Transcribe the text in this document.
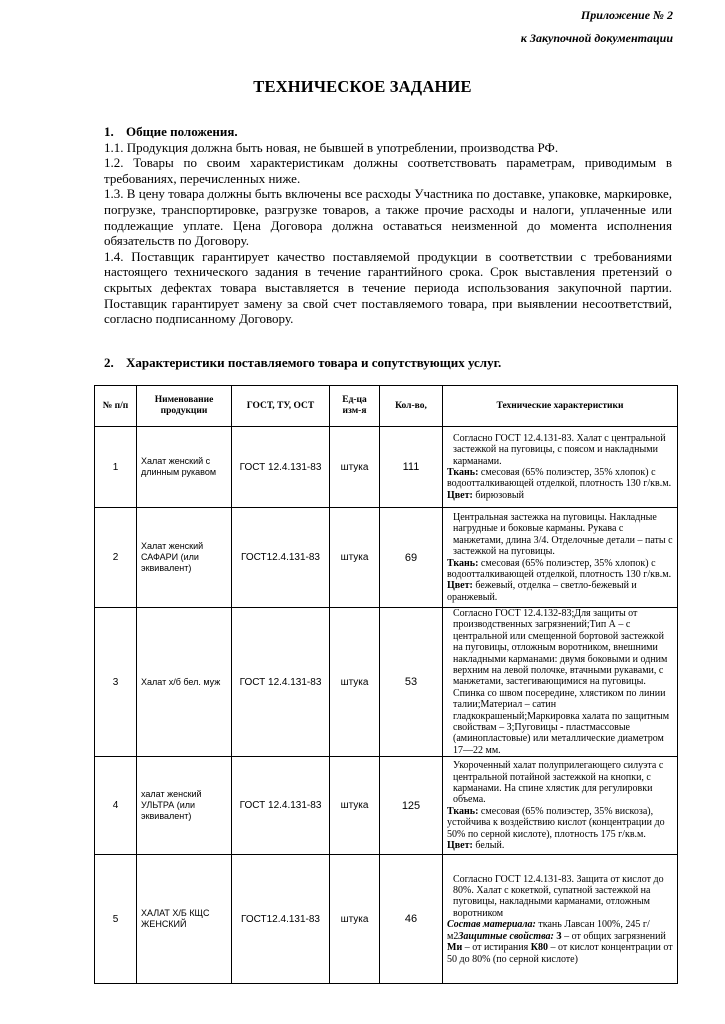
Приложение № 2
к Закупочной документации
ТЕХНИЧЕСКОЕ ЗАДАНИЕ
1. Общие положения.

1.1. Продукция должна быть новая, не бывшей в употреблении, производства РФ.

1.2. Товары по своим характеристикам должны соответствовать параметрам, приводимым в требованиях, перечисленных ниже.

1.3. В цену товара должны быть включены все расходы Участника по доставке, упаковке, маркировке, погрузке, транспортировке, разгрузке товаров, а также прочие расходы и налоги, уплаченные или подлежащие уплате. Цена Договора должна оставаться неизменной до момента исполнения обязательств по Договору.

1.4. Поставщик гарантирует качество поставляемой продукции в соответствии с требованиями настоящего технического задания в течение гарантийного срока. Срок выставления претензий о скрытых дефектах товара выставляется в течение периода использования закупочной партии. Поставщик гарантирует замену за свой счет поставляемого товара, при выявлении несоответствий, согласно подписанному Договору.

2. Характеристики поставляемого товара и сопутствующих услуг.
№ п/п	Нименование продукции	ГОСТ, ТУ, ОСТ	Ед-ца изм-я	Кол-во,	Технические характеристики
1	Халат женский с длинным рукавом	ГОСТ 12.4.131-83	штука	111	Согласно ГОСТ 12.4.131-83. Халат с центральной застежкой на пуговицы, с поясом и накладными карманами.
Ткань: смесовая (65% полиэстер, 35% хлопок) с водоотталкивающей отделкой, плотность 130 г/кв.м.
Цвет: бирюзовый

2	Халат женский САФАРИ (или эквивалент)	ГОСТ12.4.131-83	штука	69	Центральная застежка на пуговицы. Накладные нагрудные и боковые карманы. Рукава с манжетами, длина 3/4. Отделочные детали – паты с застежкой на пуговицы.
Ткань: смесовая (65% полиэстер, 35% хлопок) с водоотталкивающей отделкой, плотность 130 г/кв.м.
Цвет: бежевый, отделка – светло-бежевый и оранжевый.

3	Халат х/б бел. муж	ГОСТ 12.4.131-83	штука	53	Согласно ГОСТ 12.4.132-83;Для защиты от производственных загрязнений;Тип А – с центральной или смещенной бортовой застежкой на пуговицы, отложным воротником, внешними накладными карманами: двумя боковыми и одним верхним на левой полочке, втачными рукавами, с манжетами, застегивающимися на пуговицы. Спинка со швом посередине, хлястиком по линии талии;Материал – сатин гладкокрашеный;Маркировка халата по защитным свойствам – З;Пуговицы - пластмассовые (аминопластовые) или металлические диаметром 17—22 мм.

4	халат женский УЛЬТРА (или эквивалент)	ГОСТ 12.4.131-83	штука	125	Укороченный халат полуприлегающего силуэта с центральной потайной застежкой на кнопки, с карманами. На спине хлястик для регулировки объема.
Ткань: смесовая (65% полиэстер, 35% вискоза), устойчива к воздействию кислот (концентрации до 50% по серной кислоте), плотность 175 г/кв.м.
Цвет: белый.

5	ХАЛАТ Х/Б КЩС ЖЕНСКИЙ	ГОСТ12.4.131-83	штука	46	Согласно ГОСТ 12.4.131-83. Защита от кислот до 80%. Халат с кокеткой, супатной застежкой на пуговицы, накладными карманами, отложным воротником
Состав материала: ткань Лавсан 100%, 245 г/м2Защитные свойства: З – от общих загрязнений Ми – от истирания К80 – от кислот концентрации от 50 до 80% (по серной кислоте)
